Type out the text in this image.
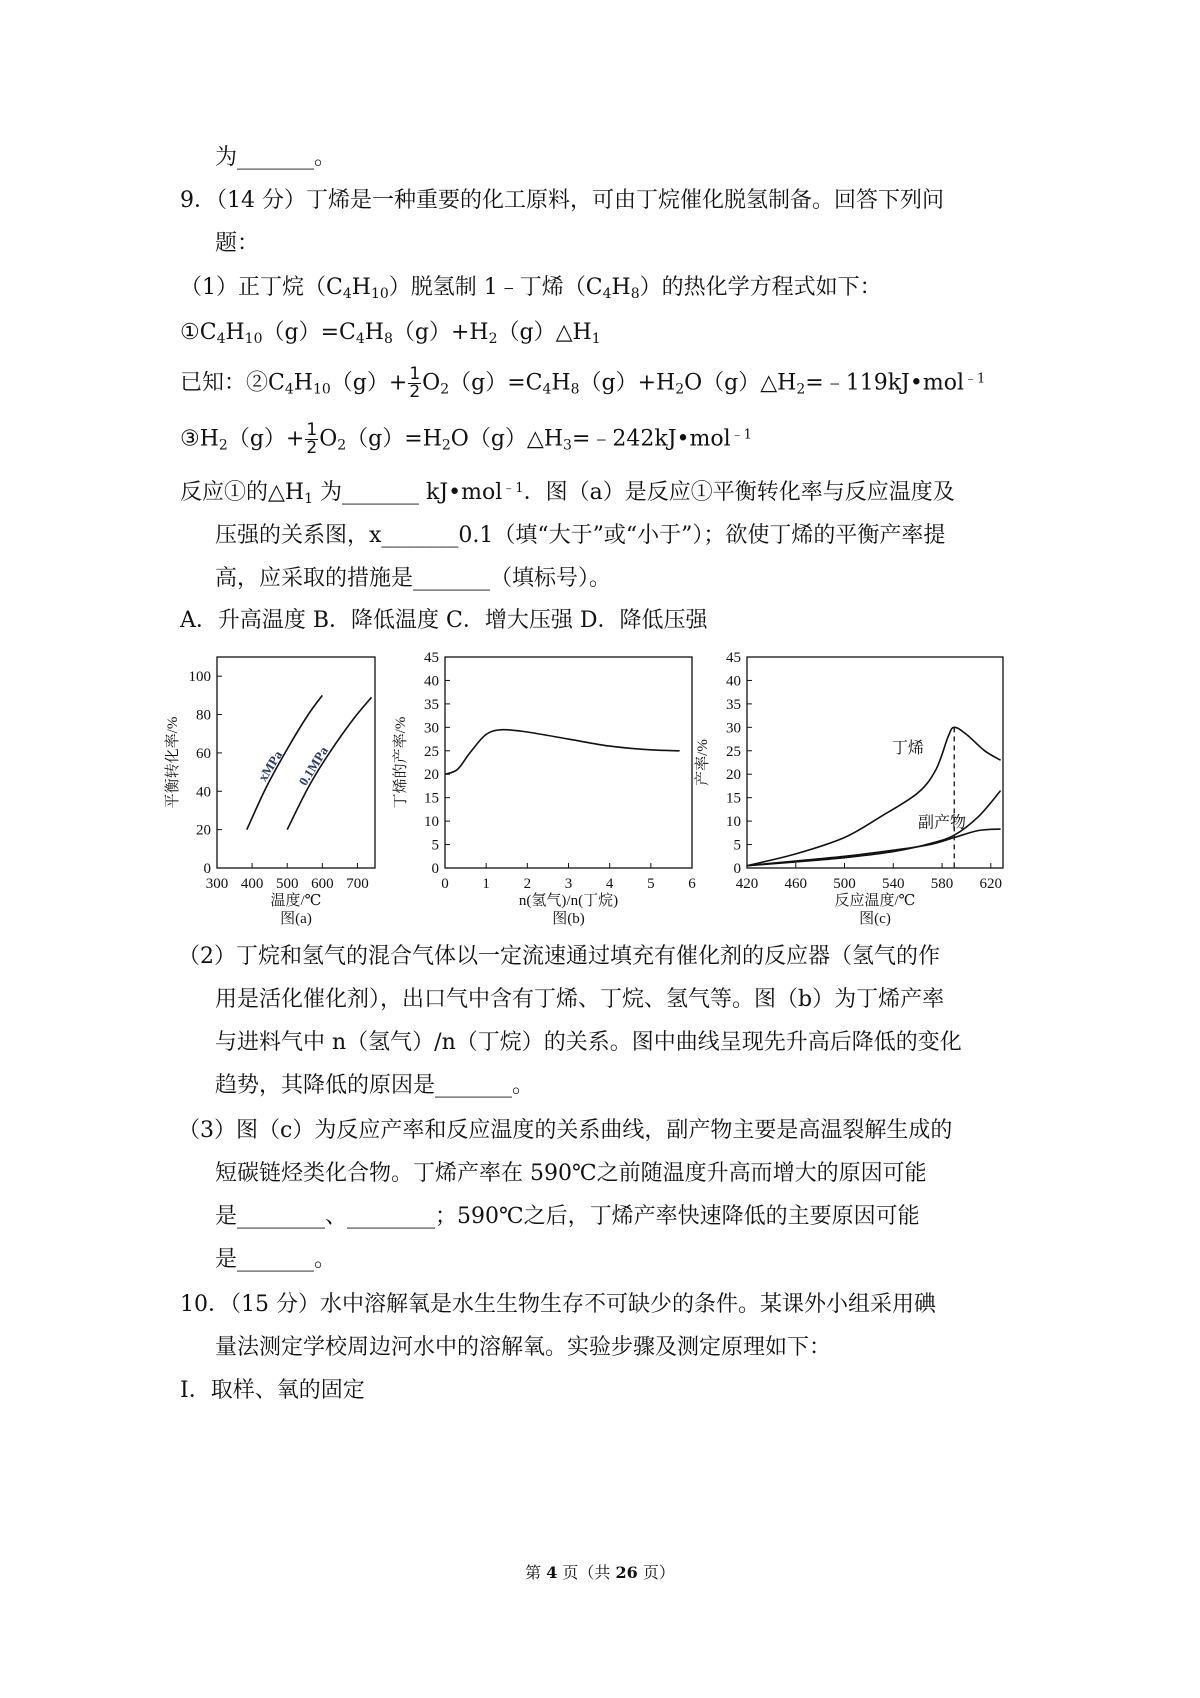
为_______。
9．（14 分）丁烯是一种重要的化工原料，可由丁烷催化脱氢制备。回答下列问
题：
（1）正丁烷$(C_4H_{10})$脱氢制 1﹣丁烯$(C_4H_8)$的热化学方程式如下：
$①C_4H_{10}(g)=C_4H_8(g)+H_2(g)\triangle H_1$
已知：$②C_4H_{10}(g)+ \frac{1}{2}$ $O_2(g)=C_4H_8(g)+H_2O(g)\triangle H_2=﹣119kJ•mol^{﹣1}$
$③H_2(g)+ \frac{1}{2}$ $O_2(g)=H_2O(g)\triangle H_3=﹣242kJ•mol^{﹣1}$
反应①的$\triangle H_1$ 为_______ kJ•mol$^{﹣1}$．图（a）是反应①平衡转化率与反应温度及
压强的关系图，x_______0.1（填“大于”或“小于”）；欲使丁烯的平衡产率提
高，应采取的措施是_______（填标号）。
A．升高温度 B．降低温度 C．增大压强 D．降低压强
300 400 500 600 700
0
20
40
60
80
100
温度/℃
图(a)
平衡转化率/%	xMPa 0.1MPa
0 1 2 3 4 5 6
0
5
10
15
20
25
30
35
40
45
n(氢气)/n(丁烷)
图(b)
丁烯的产率/%
420 460 500 540 580 620
0
5
10
15
20
25
30
35
40
45
反应温度/℃
图(c)
产率/%	丁烯
副产物
（2）丁烷和氢气的混合气体以一定流速通过填充有催化剂的反应器（氢气的作
用是活化催化剂），出口气中含有丁烯、丁烷、氢气等。图（b）为丁烯产率
与进料气中 n（氢气）/n（丁烷）的关系。图中曲线呈现先升高后降低的变化
趋势，其降低的原因是_______。
（3）图（c）为反应产率和反应温度的关系曲线，副产物主要是高温裂解生成的
短碳链烃类化合物。丁烯产率在 590℃之前随温度升高而增大的原因可能
是________、________；590℃之后，丁烯产率快速降低的主要原因可能
是_______。
10．（15 分）水中溶解氧是水生生物生存不可缺少的条件。某课外小组采用碘
量法测定学校周边河水中的溶解氧。实验步骤及测定原理如下：
Ⅰ．取样、氧的固定
第 4 页（共 26 页）
